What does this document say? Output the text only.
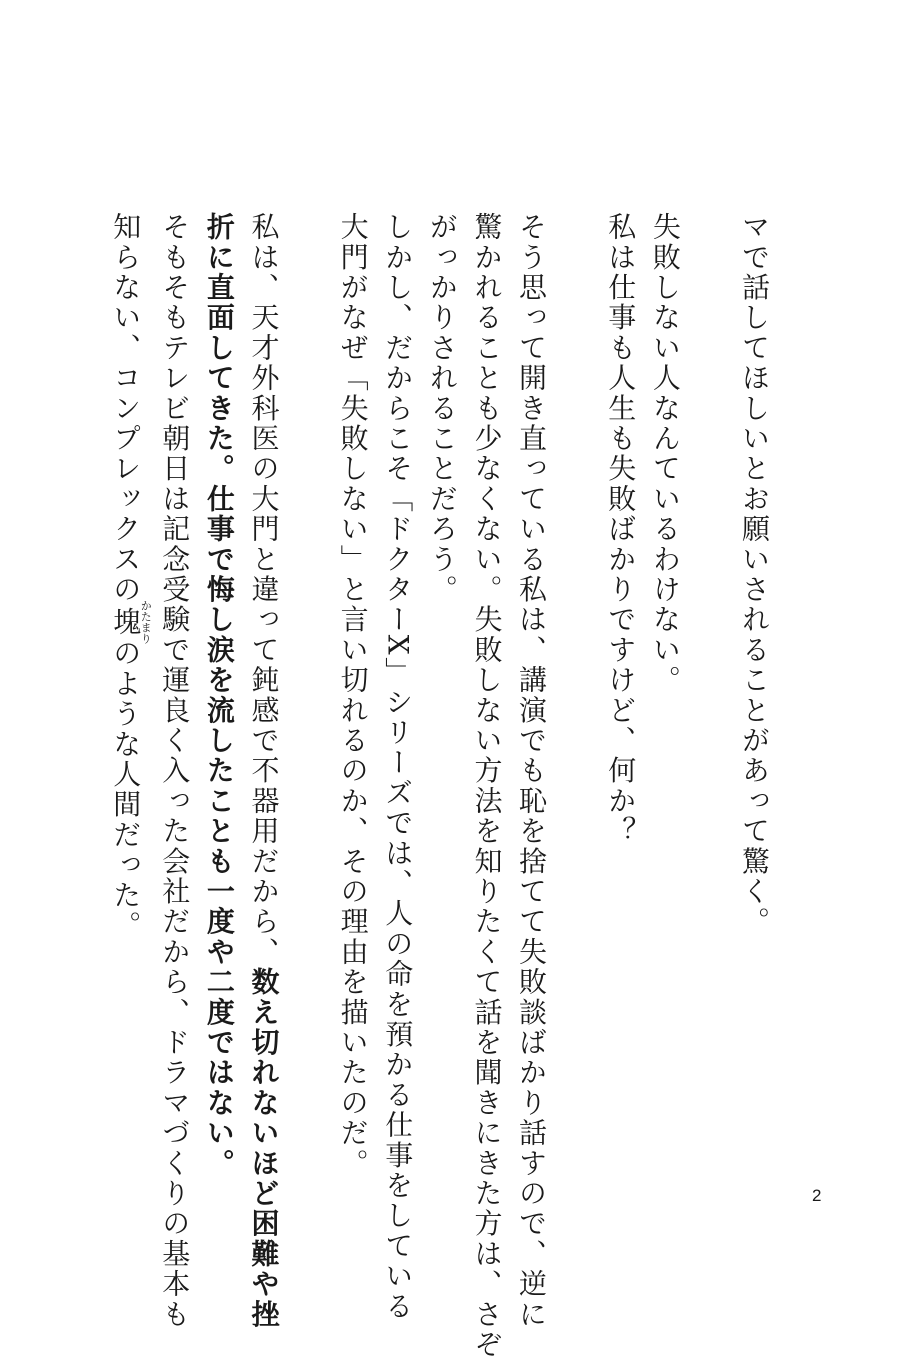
マで話してほしいとお願いされることがあって驚く。
失敗しない人なんているわけない。
私は仕事も人生も失敗ばかりですけど、何か？
そう思って開き直っている私は、講演でも恥を捨てて失敗談ばかり話すので、逆に
驚かれることも少なくない。失敗しない方法を知りたくて話を聞きにきた方は、さぞ
がっかりされることだろう。
しかし、だからこそ「ドクターX」シリーズでは、人の命を預かる仕事をしている
大門がなぜ「失敗しない」と言い切れるのか、その理由を描いたのだ。
私は、天才外科医の大門と違って鈍感で不器用だから、数え切れないほど困難や挫
折に直面してきた。仕事で悔し涙を流したことも一度や二度ではない。
そもそもテレビ朝日は記念受験で運良く入った会社だから、ドラマづくりの基本も
知らない、コンプレックスの塊かたまりのような人間だった。
2
